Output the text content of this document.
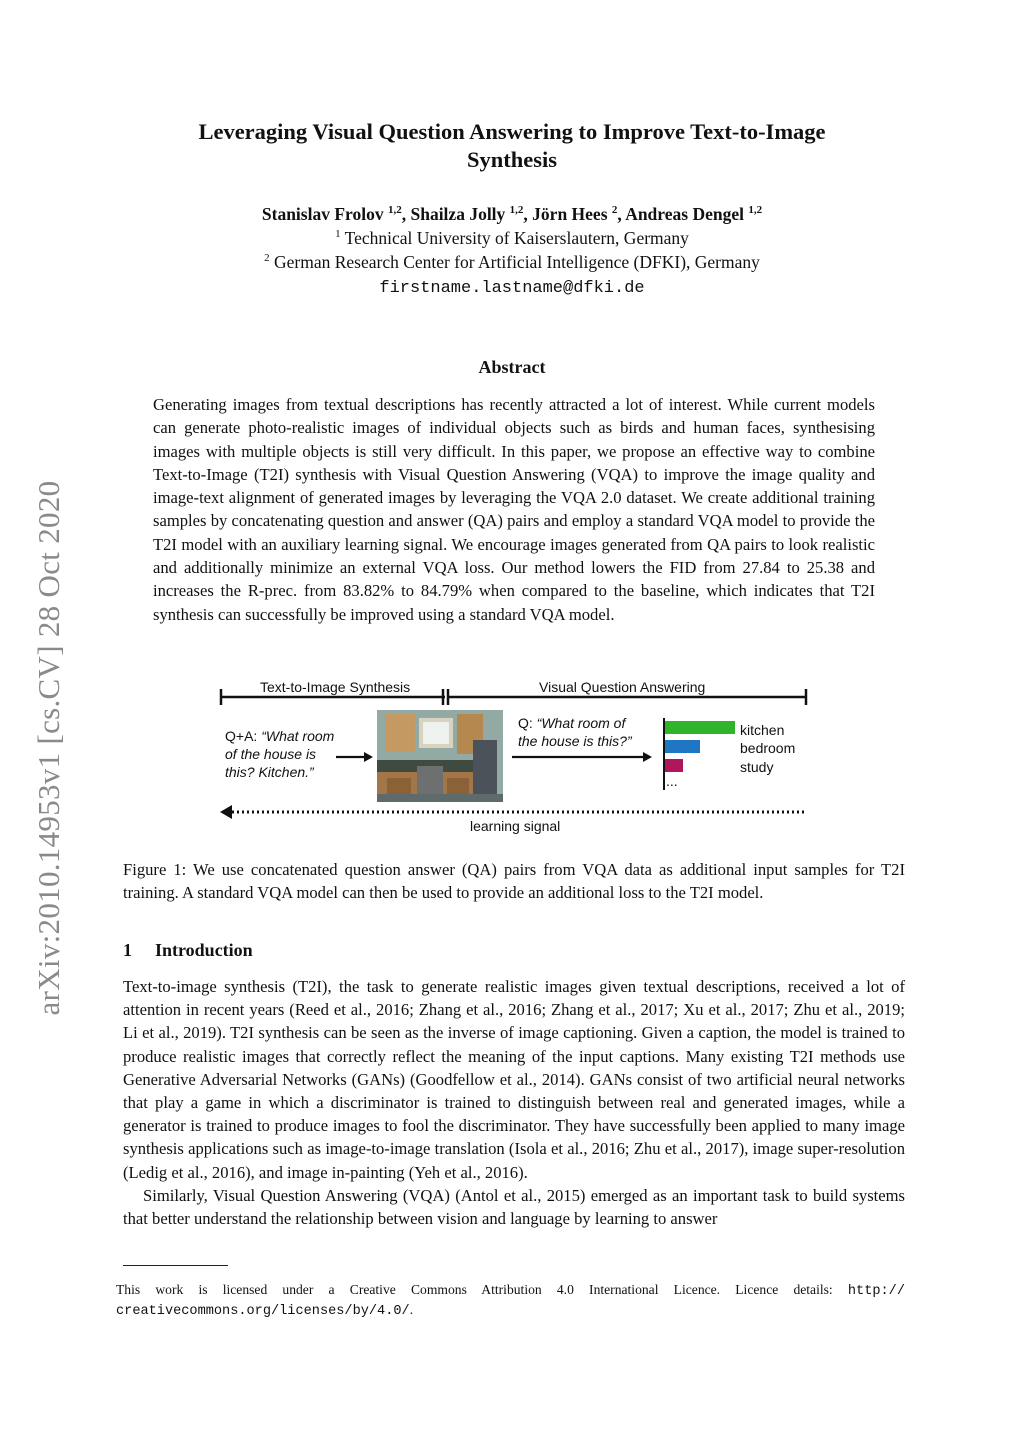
arXiv:2010.14953v1 [cs.CV] 28 Oct 2020
Leveraging Visual Question Answering to Improve Text-to-Image
Synthesis
Stanislav Frolov $^{1,2}$, Shailza Jolly $^{1,2}$, Jörn Hees $^2$, Andreas Dengel $^{1,2}$
$^1$ Technical University of Kaiserslautern, Germany
$^2$ German Research Center for Artificial Intelligence (DFKI), Germany
firstname.lastname@dfki.de
Abstract
Generating images from textual descriptions has recently attracted a lot of interest. While current models can generate photo-realistic images of individual objects such as birds and human faces, synthesising images with multiple objects is still very difficult. In this paper, we propose an effective way to combine Text-to-Image (T2I) synthesis with Visual Question Answering (VQA) to improve the image quality and image-text alignment of generated images by leveraging the VQA 2.0 dataset. We create additional training samples by concatenating question and answer (QA) pairs and employ a standard VQA model to provide the T2I model with an auxiliary learning signal. We encourage images generated from QA pairs to look realistic and additionally minimize an external VQA loss. Our method lowers the FID from 27.84 to 25.38 and increases the R-prec. from 83.82% to 84.79% when compared to the baseline, which indicates that T2I synthesis can successfully be improved using a standard VQA model.
Text-to-Image Synthesis	Visual Question Answering
Q+A: “What room
of the house is
this? Kitchen.”
Q: “What room of
the house is this?”
kitchen
bedroom
study
...
learning signal
Figure 1: We use concatenated question answer (QA) pairs from VQA data as additional input samples for T2I training. A standard VQA model can then be used to provide an additional loss to the T2I model.
1 Introduction

Text-to-image synthesis (T2I), the task to generate realistic images given textual descriptions, received a lot of attention in recent years (Reed et al., 2016; Zhang et al., 2016; Zhang et al., 2017; Xu et al., 2017; Zhu et al., 2019; Li et al., 2019). T2I synthesis can be seen as the inverse of image captioning. Given a caption, the model is trained to produce realistic images that correctly reflect the meaning of the input captions. Many existing T2I methods use Generative Adversarial Networks (GANs) (Goodfellow et al., 2014). GANs consist of two artificial neural networks that play a game in which a discriminator is trained to distinguish between real and generated images, while a generator is trained to produce images to fool the discriminator. They have successfully been applied to many image synthesis applications such as image-to-image translation (Isola et al., 2016; Zhu et al., 2017), image super-resolution (Ledig et al., 2016), and image in-painting (Yeh et al., 2016).

Similarly, Visual Question Answering (VQA) (Antol et al., 2015) emerged as an important task to build systems that better understand the relationship between vision and language by learning to answer

This work is licensed under a Creative Commons Attribution 4.0 International Licence. Licence details: http:// creativecommons.org/licenses/by/4.0/.
